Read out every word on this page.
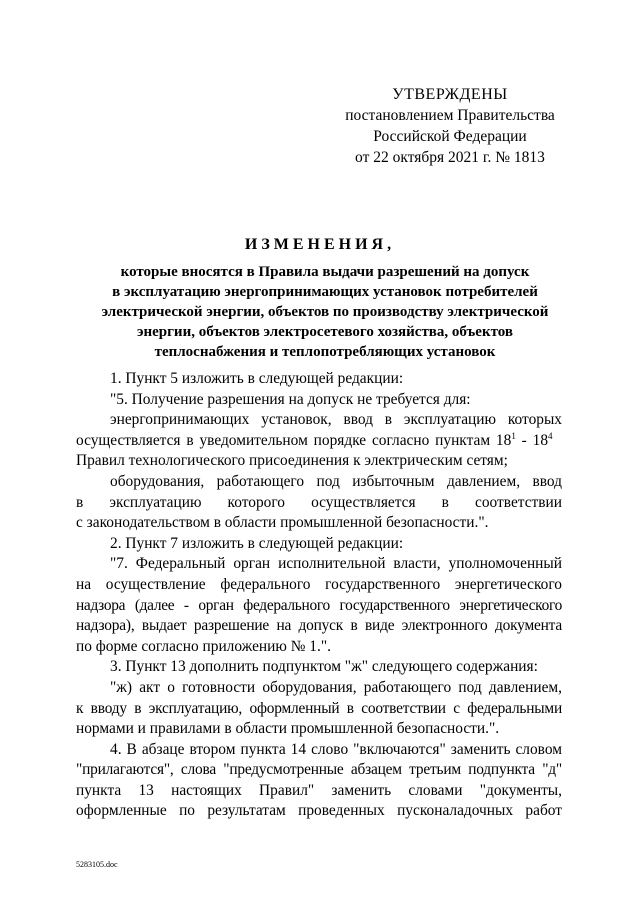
УТВЕРЖДЕНЫ
постановлением Правительства
Российской Федерации
от 22 октября 2021 г. № 1813
ИЗМЕНЕНИЯ,
которые вносятся в Правила выдачи разрешений на допуск
в эксплуатацию энергопринимающих установок потребителей
электрической энергии, объектов по производству электрической
энергии, объектов электросетевого хозяйства, объектов
теплоснабжения и теплопотребляющих установок
1. Пункт 5 изложить в следующей редакции:
"5. Получение разрешения на допуск не требуется для:
энергопринимающих установок, ввод в эксплуатацию которых
осуществляется в уведомительном порядке согласно пунктам $18^1 - 18^4$
Правил технологического присоединения к электрическим сетям;
оборудования, работающего под избыточным давлением, ввод
в эксплуатацию которого осуществляется в соответствии
с законодательством в области промышленной безопасности.".
2. Пункт 7 изложить в следующей редакции:
"7. Федеральный орган исполнительной власти, уполномоченный
на осуществление федерального государственного энергетического
надзора (далее - орган федерального государственного энергетического
надзора), выдает разрешение на допуск в виде электронного документа
по форме согласно приложению № 1.".
3. Пункт 13 дополнить подпунктом "ж" следующего содержания:
"ж) акт о готовности оборудования, работающего под давлением,
к вводу в эксплуатацию, оформленный в соответствии с федеральными
нормами и правилами в области промышленной безопасности.".
4. В абзаце втором пункта 14 слово "включаются" заменить словом
"прилагаются", слова "предусмотренные абзацем третьим подпункта "д"
пункта 13 настоящих Правил" заменить словами "документы,
оформленные по результатам проведенных пусконаладочных работ
5283105.doc
